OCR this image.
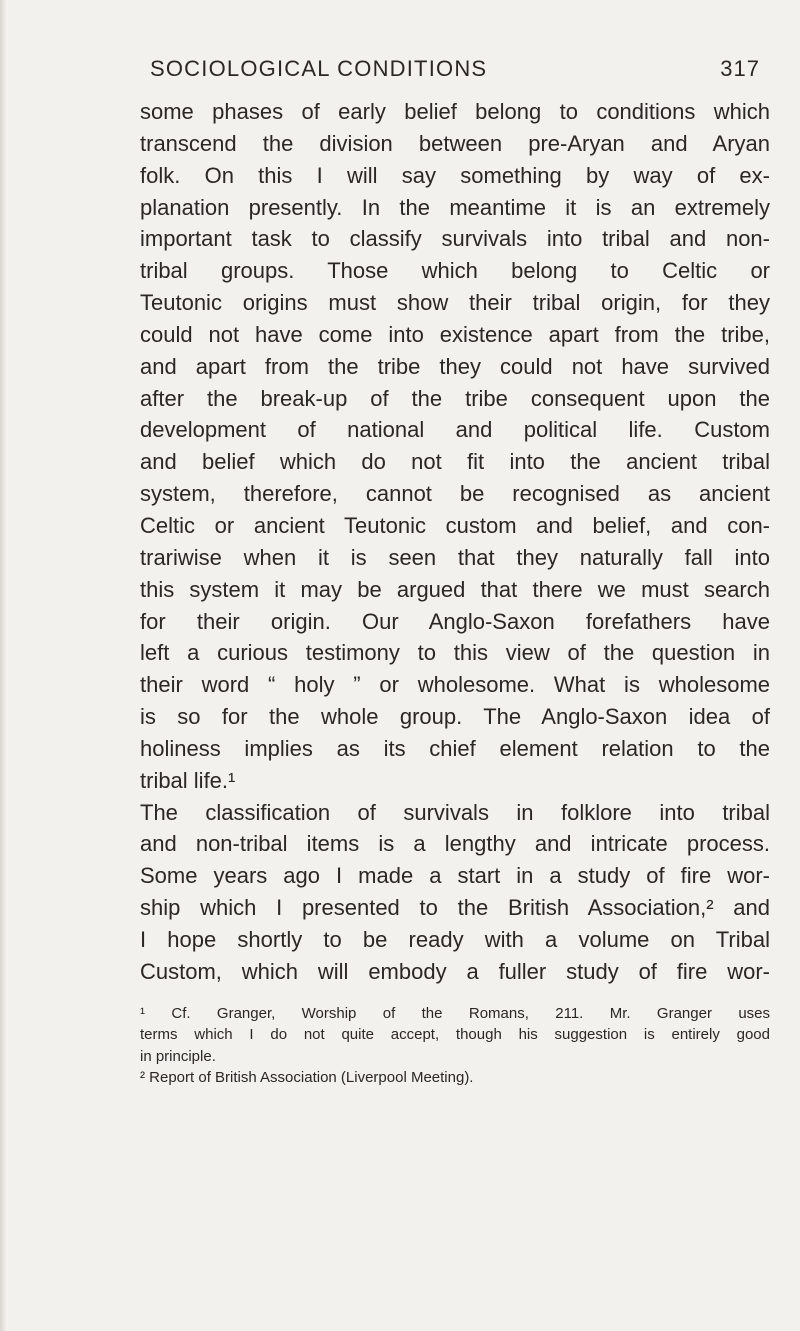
SOCIOLOGICAL CONDITIONS	317
some phases of early belief belong to conditions which
transcend the division between pre-Aryan and Aryan
folk. On this I will say something by way of ex-
planation presently. In the meantime it is an extremely
important task to classify survivals into tribal and non-
tribal groups. Those which belong to Celtic or
Teutonic origins must show their tribal origin, for they
could not have come into existence apart from the tribe,
and apart from the tribe they could not have survived
after the break-up of the tribe consequent upon the
development of national and political life. Custom
and belief which do not fit into the ancient tribal
system, therefore, cannot be recognised as ancient
Celtic or ancient Teutonic custom and belief, and con-
trariwise when it is seen that they naturally fall into
this system it may be argued that there we must search
for their origin. Our Anglo-Saxon forefathers have
left a curious testimony to this view of the question in
their word “ holy ” or wholesome. What is wholesome
is so for the whole group. The Anglo-Saxon idea of
holiness implies as its chief element relation to the
tribal life.¹
The classification of survivals in folklore into tribal
and non-tribal items is a lengthy and intricate process.
Some years ago I made a start in a study of fire wor-
ship which I presented to the British Association,² and
I hope shortly to be ready with a volume on Tribal
Custom, which will embody a fuller study of fire wor-
¹ Cf. Granger, Worship of the Romans, 211. Mr. Granger uses
terms which I do not quite accept, though his suggestion is entirely good
in principle.
² Report of British Association (Liverpool Meeting).
